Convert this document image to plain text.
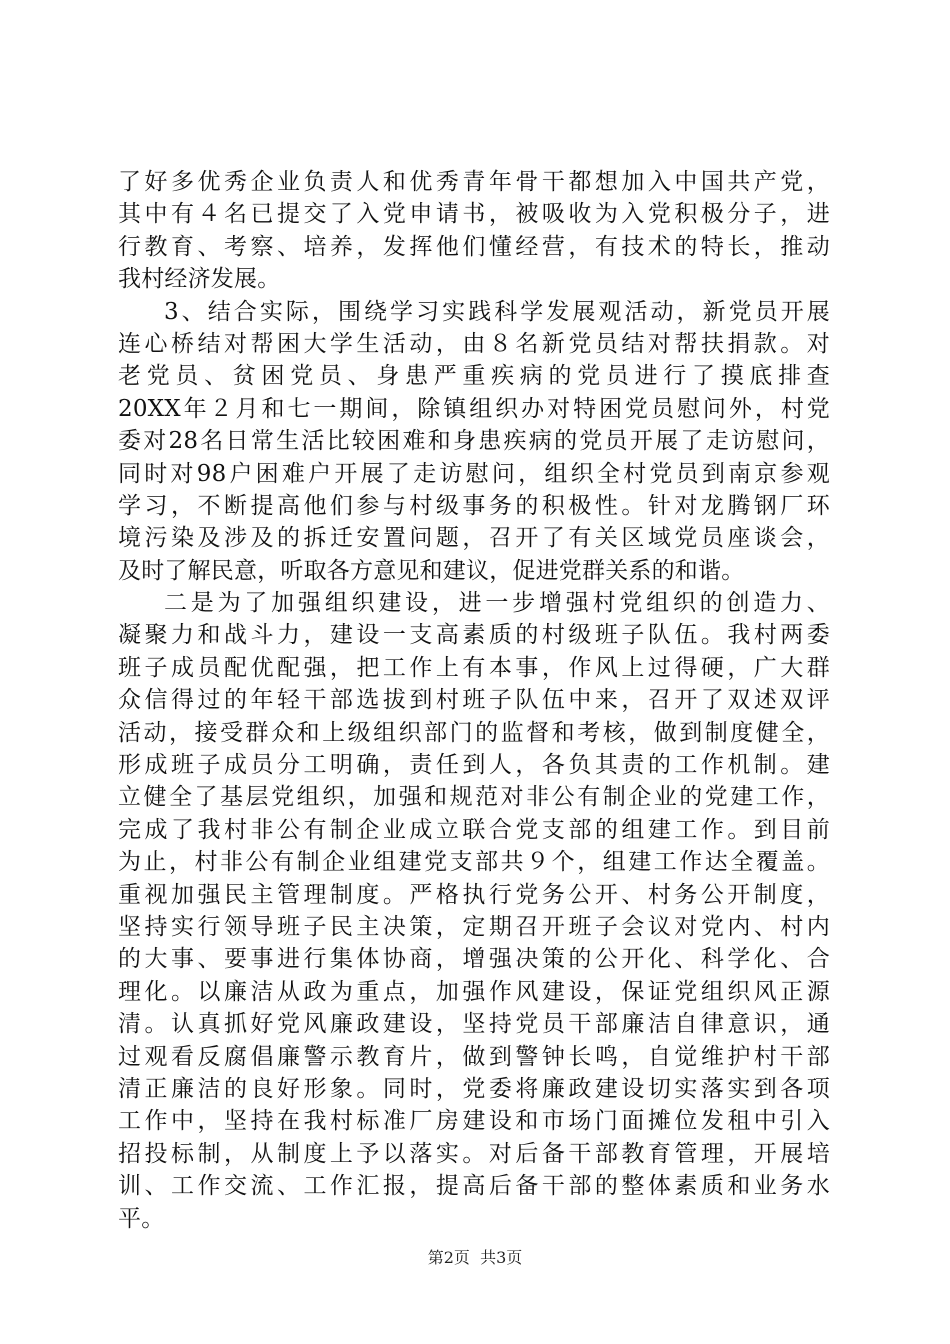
了好多优秀企业负责人和优秀青年骨干都想加入中国共产党，
其中有４名已提交了入党申请书，被吸收为入党积极分子，进
行教育、考察、培养，发挥他们懂经营，有技术的特长，推动
我村经济发展。
3、结合实际，围绕学习实践科学发展观活动，新党员开展
连心桥结对帮困大学生活动，由８名新党员结对帮扶捐款。对
老党员、贫困党员、身患严重疾病的党员进行了摸底排查
20XX年２月和七一期间，除镇组织办对特困党员慰问外，村党
委对28名日常生活比较困难和身患疾病的党员开展了走访慰问，
同时对98户困难户开展了走访慰问，组织全村党员到南京参观
学习，不断提高他们参与村级事务的积极性。针对龙腾钢厂环
境污染及涉及的拆迁安置问题，召开了有关区域党员座谈会，
及时了解民意，听取各方意见和建议，促进党群关系的和谐。
二是为了加强组织建设，进一步增强村党组织的创造力、
凝聚力和战斗力，建设一支高素质的村级班子队伍。我村两委
班子成员配优配强，把工作上有本事，作风上过得硬，广大群
众信得过的年轻干部选拔到村班子队伍中来，召开了双述双评
活动，接受群众和上级组织部门的监督和考核，做到制度健全，
形成班子成员分工明确，责任到人，各负其责的工作机制。建
立健全了基层党组织，加强和规范对非公有制企业的党建工作，
完成了我村非公有制企业成立联合党支部的组建工作。到目前
为止，村非公有制企业组建党支部共９个，组建工作达全覆盖。
重视加强民主管理制度。严格执行党务公开、村务公开制度，
坚持实行领导班子民主决策，定期召开班子会议对党内、村内
的大事、要事进行集体协商，增强决策的公开化、科学化、合
理化。以廉洁从政为重点，加强作风建设，保证党组织风正源
清。认真抓好党风廉政建设，坚持党员干部廉洁自律意识，通
过观看反腐倡廉警示教育片，做到警钟长鸣，自觉维护村干部
清正廉洁的良好形象。同时，党委将廉政建设切实落实到各项
工作中，坚持在我村标准厂房建设和市场门面摊位发租中引入
招投标制，从制度上予以落实。对后备干部教育管理，开展培
训、工作交流、工作汇报，提高后备干部的整体素质和业务水
平。
第2页  共3页
